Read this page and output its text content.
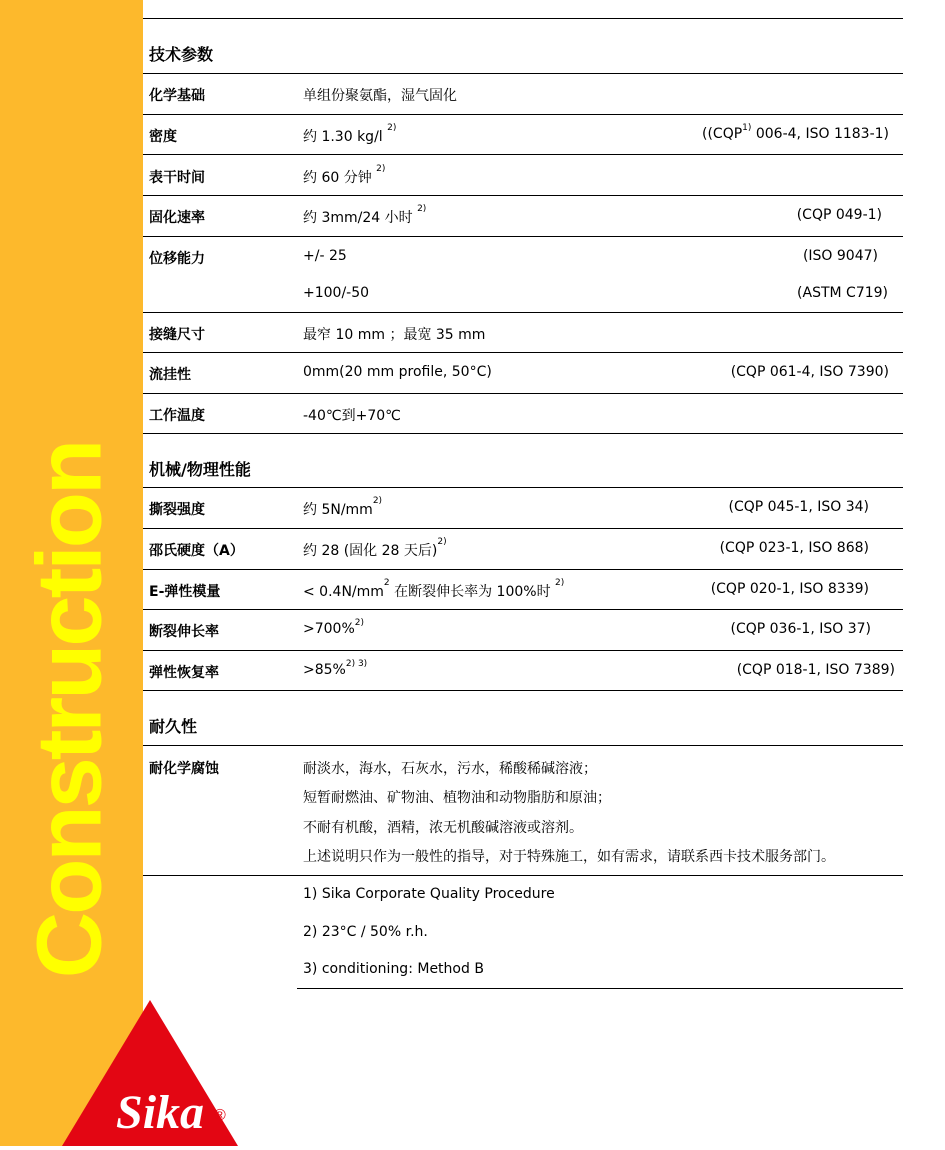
Construction
Sika ®
技术参数
化学基础	单组份聚氨酯，湿气固化
密度	约 1.30 kg/l $^{2)}$	((CQP$^{1)}$ 006-4, ISO 1183-1)
表干时间	约 60 分钟 $^{2)}$
固化速率	约 3mm/24 小时 $^{2)}$	(CQP 049-1)
位移能力	+/- 25	(ISO 9047)
+100/-50	(ASTM C719)
接缝尺寸	最窄 10 mm ；最宽 35 mm
流挂性	0mm(20 mm profile, 50°C)	(CQP 061-4, ISO 7390)
工作温度	-40℃到+70℃
机械/物理性能
撕裂强度	约 $5N/mm^{2)}$	(CQP 045-1, ISO 34)
邵氏硬度（A）	约 28 (固化 28 天后)$^{2)}$	(CQP 023-1, ISO 868)
E-弹性模量	< $0.4N/mm^2$ 在断裂伸长率为 100%时 $^{2)}$	(CQP 020-1, ISO 8339)
断裂伸长率	>700%$^{2)}$	(CQP 036-1, ISO 37)
弹性恢复率	>85%$^{2) 3)}$	(CQP 018-1, ISO 7389)
耐久性
耐化学腐蚀	耐淡水，海水，石灰水，污水，稀酸稀碱溶液；
短暂耐燃油、矿物油、植物油和动物脂肪和原油；
不耐有机酸，酒精，浓无机酸碱溶液或溶剂。
上述说明只作为一般性的指导，对于特殊施工，如有需求，请联系西卡技术服务部门。
1) Sika Corporate Quality Procedure
2) 23°C / 50% r.h.
3) conditioning: Method B
